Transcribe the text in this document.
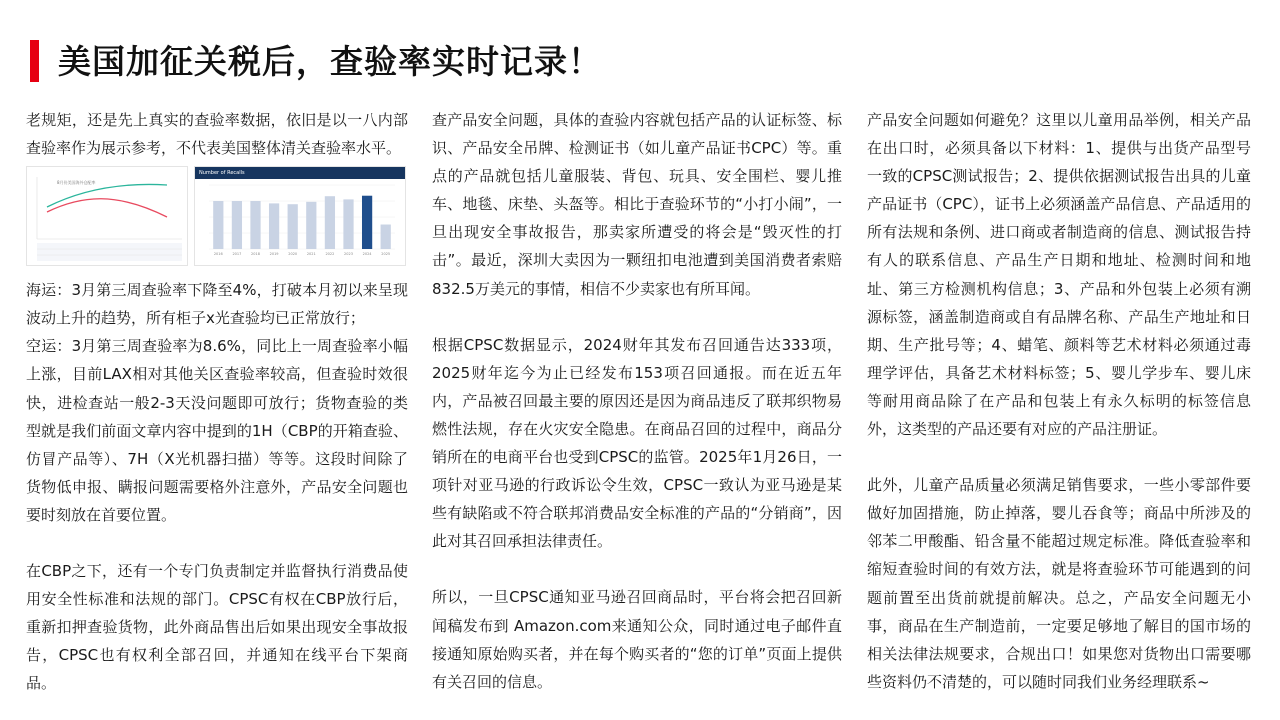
美国加征关税后，查验率实时记录！

老规矩，还是先上真实的查验率数据，依旧是以一八内部查验率作为展示参考，不代表美国整体清关查验率水平。

8月份美国海外仓配率
Number of Recalls
2016	2017	2018	2019	2020	2021	2022	2023	2024	2025

海运：3月第三周查验率下降至4%，打破本月初以来呈现波动上升的趋势，所有柜子x光查验均已正常放行；

空运：3月第三周查验率为8.6%，同比上一周查验率小幅上涨，目前LAX相对其他关区查验率较高，但查验时效很快，进检查站一般2-3天没问题即可放行；货物查验的类型就是我们前面文章内容中提到的1H（CBP的开箱查验、仿冒产品等）、7H（X光机器扫描）等等。这段时间除了货物低申报、瞒报问题需要格外注意外，产品安全问题也要时刻放在首要位置。

在CBP之下，还有一个专门负责制定并监督执行消费品使用安全性标准和法规的部门。CPSC有权在CBP放行后，重新扣押查验货物，此外商品售出后如果出现安全事故报告，CPSC也有权利全部召回，并通知在线平台下架商品。

查产品安全问题，具体的查验内容就包括产品的认证标签、标识、产品安全吊牌、检测证书（如儿童产品证书CPC）等。重点的产品就包括儿童服装、背包、玩具、安全围栏、婴儿推车、地毯、床垫、头盔等。相比于查验环节的“小打小闹”，一旦出现安全事故报告，那卖家所遭受的将会是“毁灭性的打击”。最近，深圳大卖因为一颗纽扣电池遭到美国消费者索赔832.5万美元的事情，相信不少卖家也有所耳闻。

根据CPSC数据显示，2024财年其发布召回通告达333项，2025财年迄今为止已经发布153项召回通报。而在近五年内，产品被召回最主要的原因还是因为商品违反了联邦织物易燃性法规，存在火灾安全隐患。在商品召回的过程中，商品分销所在的电商平台也受到CPSC的监管。2025年1月26日，一项针对亚马逊的行政诉讼令生效，CPSC一致认为亚马逊是某些有缺陷或不符合联邦消费品安全标准的产品的“分销商”，因此对其召回承担法律责任。

所以，一旦CPSC通知亚马逊召回商品时，平台将会把召回新闻稿发布到 Amazon.com来通知公众，同时通过电子邮件直接通知原始购买者，并在每个购买者的“您的订单”页面上提供有关召回的信息。

产品安全问题如何避免？这里以儿童用品举例，相关产品在出口时，必须具备以下材料：1、提供与出货产品型号一致的CPSC测试报告；2、提供依据测试报告出具的儿童产品证书（CPC），证书上必须涵盖产品信息、产品适用的所有法规和条例、进口商或者制造商的信息、测试报告持有人的联系信息、产品生产日期和地址、检测时间和地址、第三方检测机构信息；3、产品和外包装上必须有溯源标签，涵盖制造商或自有品牌名称、产品生产地址和日期、生产批号等；4、蜡笔、颜料等艺术材料必须通过毒理学评估，具备艺术材料标签；5、婴儿学步车、婴儿床等耐用商品除了在产品和包装上有永久标明的标签信息外，这类型的产品还要有对应的产品注册证。

此外，儿童产品质量必须满足销售要求，一些小零部件要做好加固措施，防止掉落，婴儿吞食等；商品中所涉及的邻苯二甲酸酯、铅含量不能超过规定标准。降低查验率和缩短查验时间的有效方法，就是将查验环节可能遇到的问题前置至出货前就提前解决。总之，产品安全问题无小事，商品在生产制造前，一定要足够地了解目的国市场的相关法律法规要求，合规出口！如果您对货物出口需要哪些资料仍不清楚的，可以随时同我们业务经理联系~
